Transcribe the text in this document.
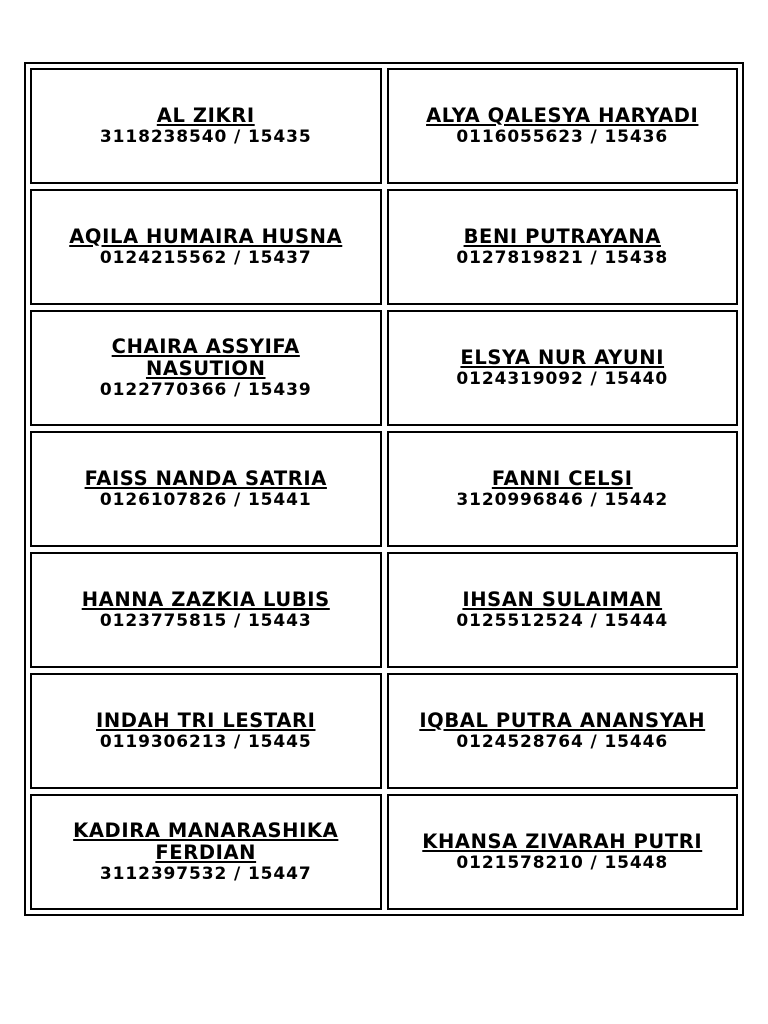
AL ZIKRI
3118238540 / 15435
ALYA QALESYA HARYADI
0116055623 / 15436
AQILA HUMAIRA HUSNA
0124215562 / 15437
BENI PUTRAYANA
0127819821 / 15438
CHAIRA ASSYIFA
NASUTION
0122770366 / 15439
ELSYA NUR AYUNI
0124319092 / 15440
FAISS NANDA SATRIA
0126107826 / 15441
FANNI CELSI
3120996846 / 15442
HANNA ZAZKIA LUBIS
0123775815 / 15443
IHSAN SULAIMAN
0125512524 / 15444
INDAH TRI LESTARI
0119306213 / 15445
IQBAL PUTRA ANANSYAH
0124528764 / 15446
KADIRA MANARASHIKA
FERDIAN
3112397532 / 15447
KHANSA ZIVARAH PUTRI
0121578210 / 15448
